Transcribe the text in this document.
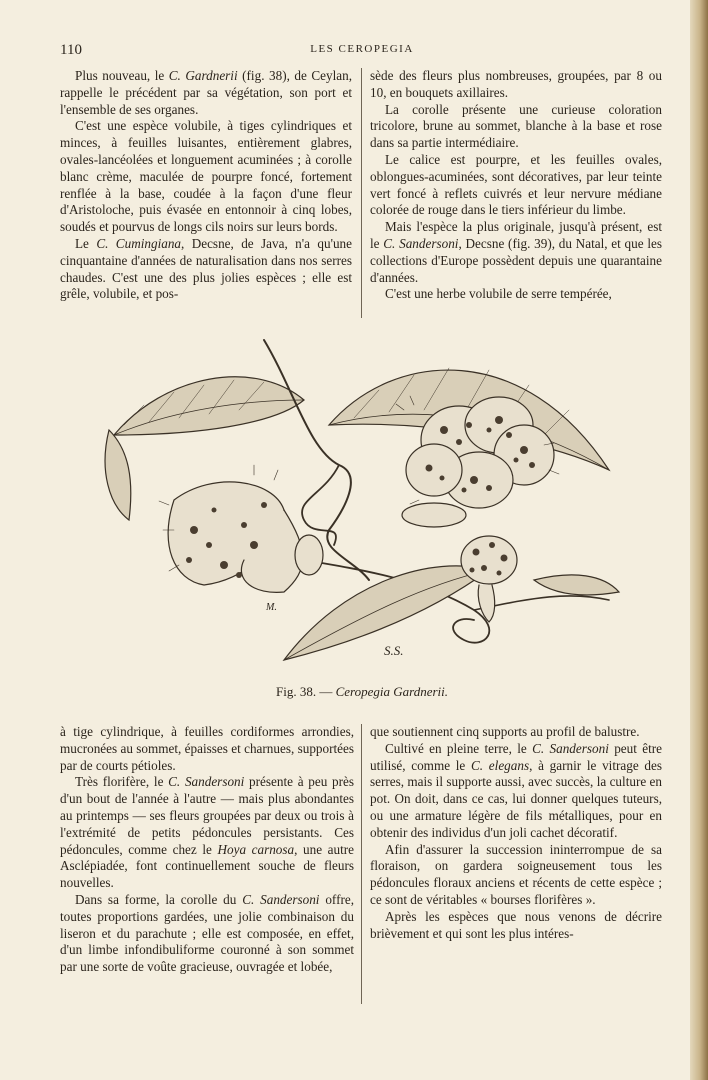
110	LES CEROPEGIA

Plus nouveau, le C. Gardnerii (fig. 38), de Ceylan, rappelle le précédent par sa végétation, son port et l'ensemble de ses organes.

C'est une espèce volubile, à tiges cylindriques et minces, à feuilles luisantes, entièrement glabres, ovales-lancéolées et longuement acuminées ; à corolle blanc crème, maculée de pourpre foncé, fortement renflée à la base, coudée à la façon d'une fleur d'Aristoloche, puis évasée en entonnoir à cinq lobes, soudés et pourvus de longs cils noirs sur leurs bords.

Le C. Cumingiana, Decsne, de Java, n'a qu'une cinquantaine d'années de naturalisation dans nos serres chaudes. C'est une des plus jolies espèces ; elle est grêle, volubile, et pos-

sède des fleurs plus nombreuses, groupées, par 8 ou 10, en bouquets axillaires.

La corolle présente une curieuse coloration tricolore, brune au sommet, blanche à la base et rose dans sa partie intermédiaire.

Le calice est pourpre, et les feuilles ovales, oblongues-acuminées, sont décoratives, par leur teinte vert foncé à reflets cuivrés et leur nervure médiane colorée de rouge dans le tiers inférieur du limbe.

Mais l'espèce la plus originale, jusqu'à présent, est le C. Sandersoni, Decsne (fig. 39), du Natal, et que les collections d'Europe possèdent depuis une quarantaine d'années.

C'est une herbe volubile de serre tempérée,

M.
S.S.
Fig. 38. — Ceropegia Gardnerii.

à tige cylindrique, à feuilles cordiformes arrondies, mucronées au sommet, épaisses et charnues, supportées par de courts pétioles.

Très florifère, le C. Sandersoni présente à peu près d'un bout de l'année à l'autre — mais plus abondantes au printemps — ses fleurs groupées par deux ou trois à l'extrémité de petits pédoncules persistants. Ces pédoncules, comme chez le Hoya carnosa, une autre Asclépiadée, font continuellement souche de fleurs nouvelles.

Dans sa forme, la corolle du C. Sandersoni offre, toutes proportions gardées, une jolie combinaison du liseron et du parachute ; elle est composée, en effet, d'un limbe infondibuliforme couronné à son sommet par une sorte de voûte gracieuse, ouvragée et lobée,

que soutiennent cinq supports au profil de balustre.

Cultivé en pleine terre, le C. Sandersoni peut être utilisé, comme le C. elegans, à garnir le vitrage des serres, mais il supporte aussi, avec succès, la culture en pot. On doit, dans ce cas, lui donner quelques tuteurs, ou une armature légère de fils métalliques, pour en obtenir des individus d'un joli cachet décoratif.

Afin d'assurer la succession ininterrompue de sa floraison, on gardera soigneusement tous les pédoncules floraux anciens et récents de cette espèce ; ce sont de véritables « bourses florifères ».

Après les espèces que nous venons de décrire brièvement et qui sont les plus intéres-
